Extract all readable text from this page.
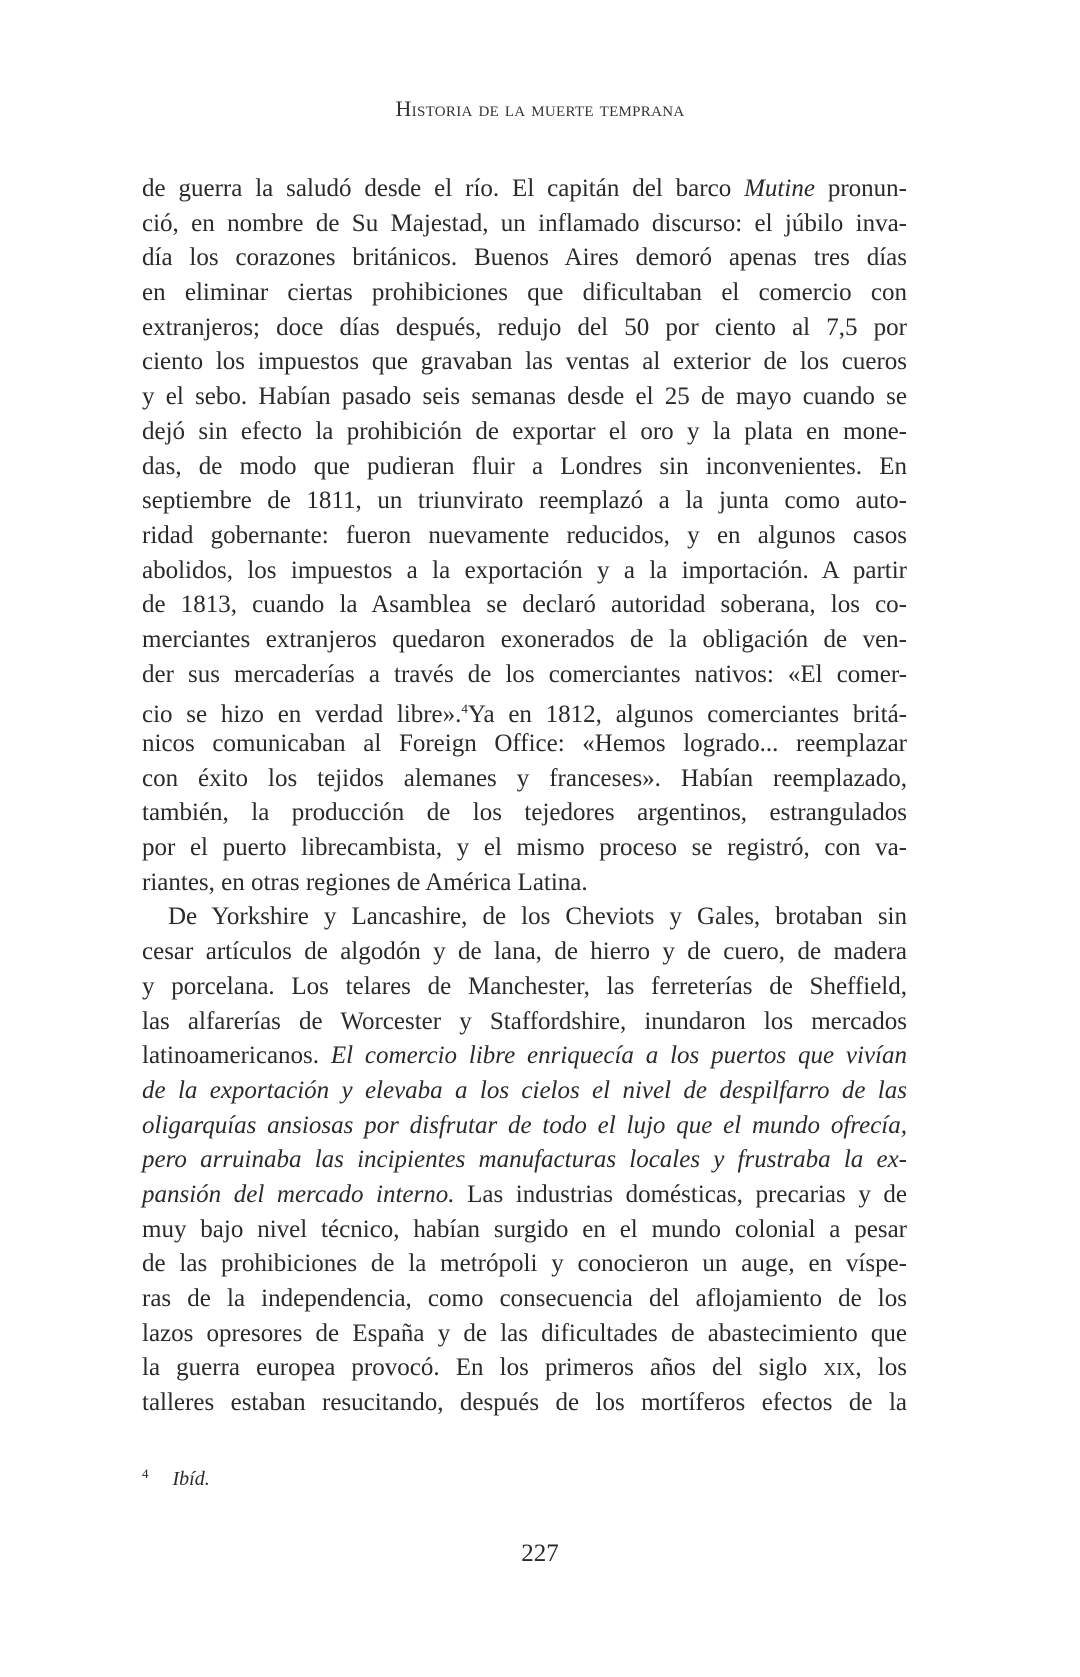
Historia de la muerte temprana
de guerra la saludó desde el río. El capitán del barco Mutine pronun-
ció, en nombre de Su Majestad, un inflamado discurso: el júbilo inva-
día los corazones británicos. Buenos Aires demoró apenas tres días
en eliminar ciertas prohibiciones que dificultaban el comercio con
extranjeros; doce días después, redujo del 50 por ciento al 7,5 por
ciento los impuestos que gravaban las ventas al exterior de los cueros
y el sebo. Habían pasado seis semanas desde el 25 de mayo cuando se
dejó sin efecto la prohibición de exportar el oro y la plata en mone-
das, de modo que pudieran fluir a Londres sin inconvenientes. En
septiembre de 1811, un triunvirato reemplazó a la junta como auto-
ridad gobernante: fueron nuevamente reducidos, y en algunos casos
abolidos, los impuestos a la exportación y a la importación. A partir
de 1813, cuando la Asamblea se declaró autoridad soberana, los co-
merciantes extranjeros quedaron exonerados de la obligación de ven-
der sus mercaderías a través de los comerciantes nativos: «El comer-
cio se hizo en verdad libre».$^4$Ya en 1812, algunos comerciantes britá-
nicos comunicaban al Foreign Office: «Hemos logrado... reemplazar
con éxito los tejidos alemanes y franceses». Habían reemplazado,
también, la producción de los tejedores argentinos, estrangulados
por el puerto librecambista, y el mismo proceso se registró, con va-
riantes, en otras regiones de América Latina.
De Yorkshire y Lancashire, de los Cheviots y Gales, brotaban sin
cesar artículos de algodón y de lana, de hierro y de cuero, de madera
y porcelana. Los telares de Manchester, las ferreterías de Sheffield,
las alfarerías de Worcester y Staffordshire, inundaron los mercados
latinoamericanos. El comercio libre enriquecía a los puertos que vivían
de la exportación y elevaba a los cielos el nivel de despilfarro de las
oligarquías ansiosas por disfrutar de todo el lujo que el mundo ofrecía,
pero arruinaba las incipientes manufacturas locales y frustraba la ex-
pansión del mercado interno. Las industrias domésticas, precarias y de
muy bajo nivel técnico, habían surgido en el mundo colonial a pesar
de las prohibiciones de la metrópoli y conocieron un auge, en víspe-
ras de la independencia, como consecuencia del aflojamiento de los
lazos opresores de España y de las dificultades de abastecimiento que
la guerra europea provocó. En los primeros años del siglo xix, los
talleres estaban resucitando, después de los mortíferos efectos de la
$^4$ Ibíd.
227
